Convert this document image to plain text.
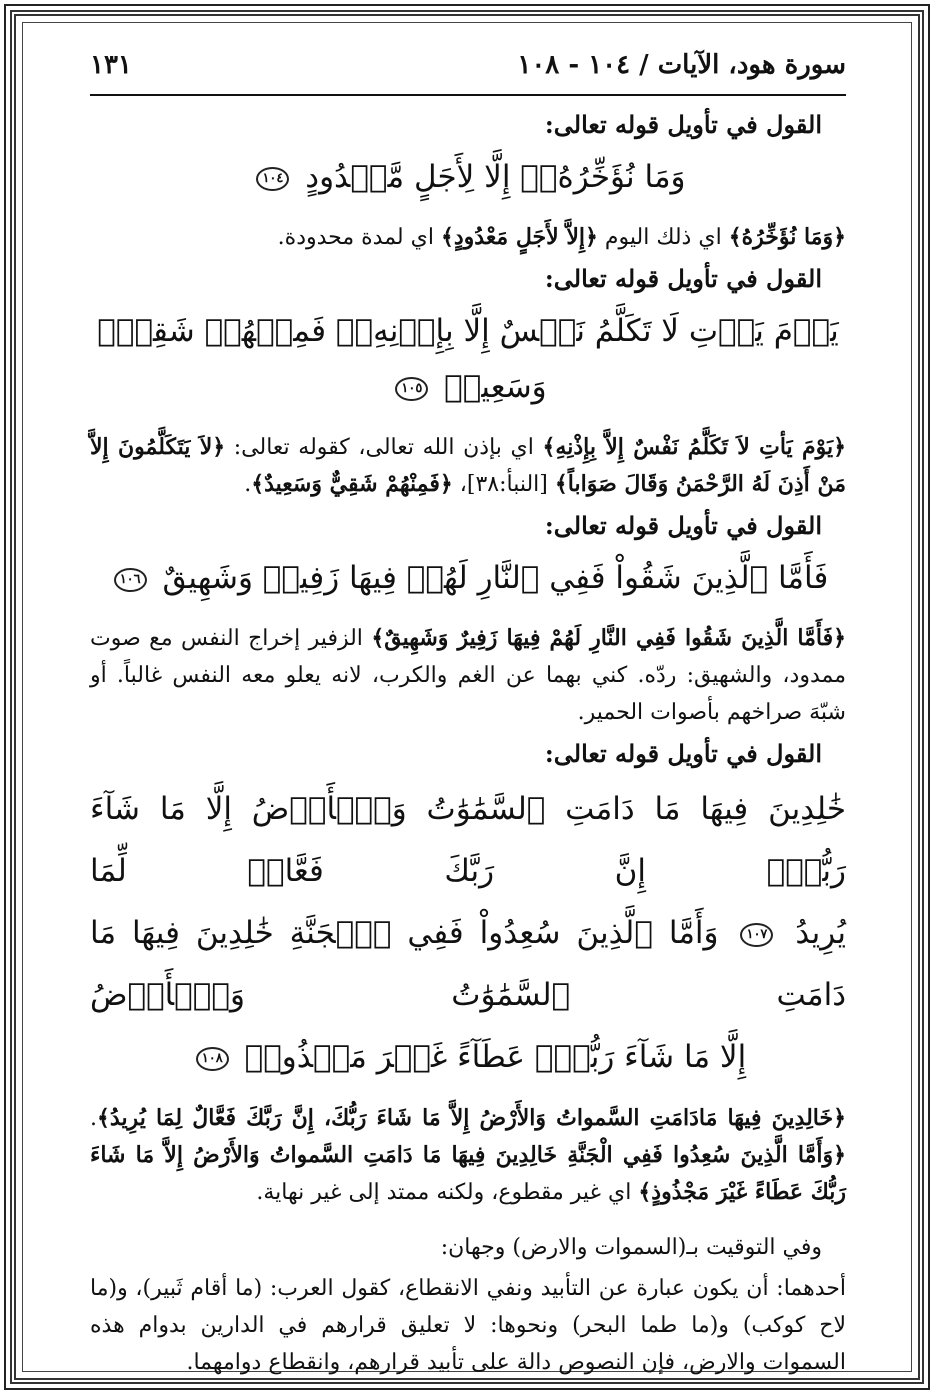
سورة هود، الآيات / ١٠٤ - ١٠٨
١٣١
القول في تأويل قوله تعالى:
وَمَا نُؤَخِّرُهُۥٓ إِلَّا لِأَجَلٍ مَّعۡدُودٍ ١٠٤

﴿وَمَا نُؤَخِّرُهُ﴾ اي ذلك اليوم ﴿إِلاَّ لأَجَلٍ مَعْدُودٍ﴾ اي لمدة محدودة.

القول في تأويل قوله تعالى:
يَوۡمَ يَأۡتِ لَا تَكَلَّمُ نَفۡسٌ إِلَّا بِإِذۡنِهِۦۚ فَمِنۡهُمۡ شَقِيّٞ وَسَعِيدٞ ١٠٥

﴿يَوْمَ يَأتِ لاَ تَكَلَّمُ نَفْسٌ إِلاَّ بِإِذْنِهِ﴾ اي بإذن الله تعالى، كقوله تعالى: ﴿لاَ يَتَكَلَّمُونَ إِلاَّ مَنْ أَذِنَ لَهُ الرَّحْمَنُ وَقَالَ صَوَاباً﴾ [النبأ:٣٨]، ﴿فَمِنْهُمْ شَقِيٌّ وَسَعِيدٌ﴾.

القول في تأويل قوله تعالى:
فَأَمَّا ٱلَّذِينَ شَقُواْ فَفِي ٱلنَّارِ لَهُمۡ فِيهَا زَفِيرٞ وَشَهِيقٌ ١٠٦

﴿فَأَمَّا الَّذِينَ شَقُوا فَفِي النَّارِ لَهُمْ فِيهَا زَفِيرٌ وَشَهِيقٌ﴾ الزفير إخراج النفس مع صوت ممدود، والشهيق: ردّه. كني بهما عن الغم والكرب، لانه يعلو معه النفس غالباً. أو شبّهَ صراخهم بأصوات الحمير.

القول في تأويل قوله تعالى:
خَٰلِدِينَ فِيهَا مَا دَامَتِ ٱلسَّمَٰوَٰتُ وَٱلۡأَرۡضُ إِلَّا مَا شَآءَ رَبُّكَۚ إِنَّ رَبَّكَ فَعَّالٞ لِّمَا
يُرِيدُ ١٠٧ وَأَمَّا ٱلَّذِينَ سُعِدُواْ فَفِي ٱلۡجَنَّةِ خَٰلِدِينَ فِيهَا مَا دَامَتِ ٱلسَّمَٰوَٰتُ وَٱلۡأَرۡضُ
إِلَّا مَا شَآءَ رَبُّكَۖ عَطَآءً غَيۡرَ مَجۡذُوذٖ ١٠٨

﴿خَالِدِينَ فِيهَا مَادَامَتِ السَّمواتُ وَالأَرْضُ إِلاَّ مَا شَاءَ رَبُّكَ، إِنَّ رَبَّكَ فَعَّالٌ لِمَا يُرِيدُ﴾. ﴿وَأَمَّا الَّذِينَ سُعِدُوا فَفِي الْجَنَّةِ خَالِدِينَ فِيهَا مَا دَامَتِ السَّمواتُ وَالأَرْضُ إِلاَّ مَا شَاءَ رَبُّكَ عَطَاءً غَيْرَ مَجْذُوذٍ﴾ اي غير مقطوع، ولكنه ممتد إلى غير نهاية.

وفي التوقيت بـ(السموات والارض) وجهان:

أحدهما: أن يكون عبارة عن التأبيد ونفي الانقطاع، كقول العرب: (ما أقام ثَبير)، و(ما لاح كوكب) و(ما طما البحر) ونحوها: لا تعليق قرارهم في الدارين بدوام هذه السموات والارض، فإن النصوص دالة على تأبيد قرارهم، وانقطاع دوامهما.
